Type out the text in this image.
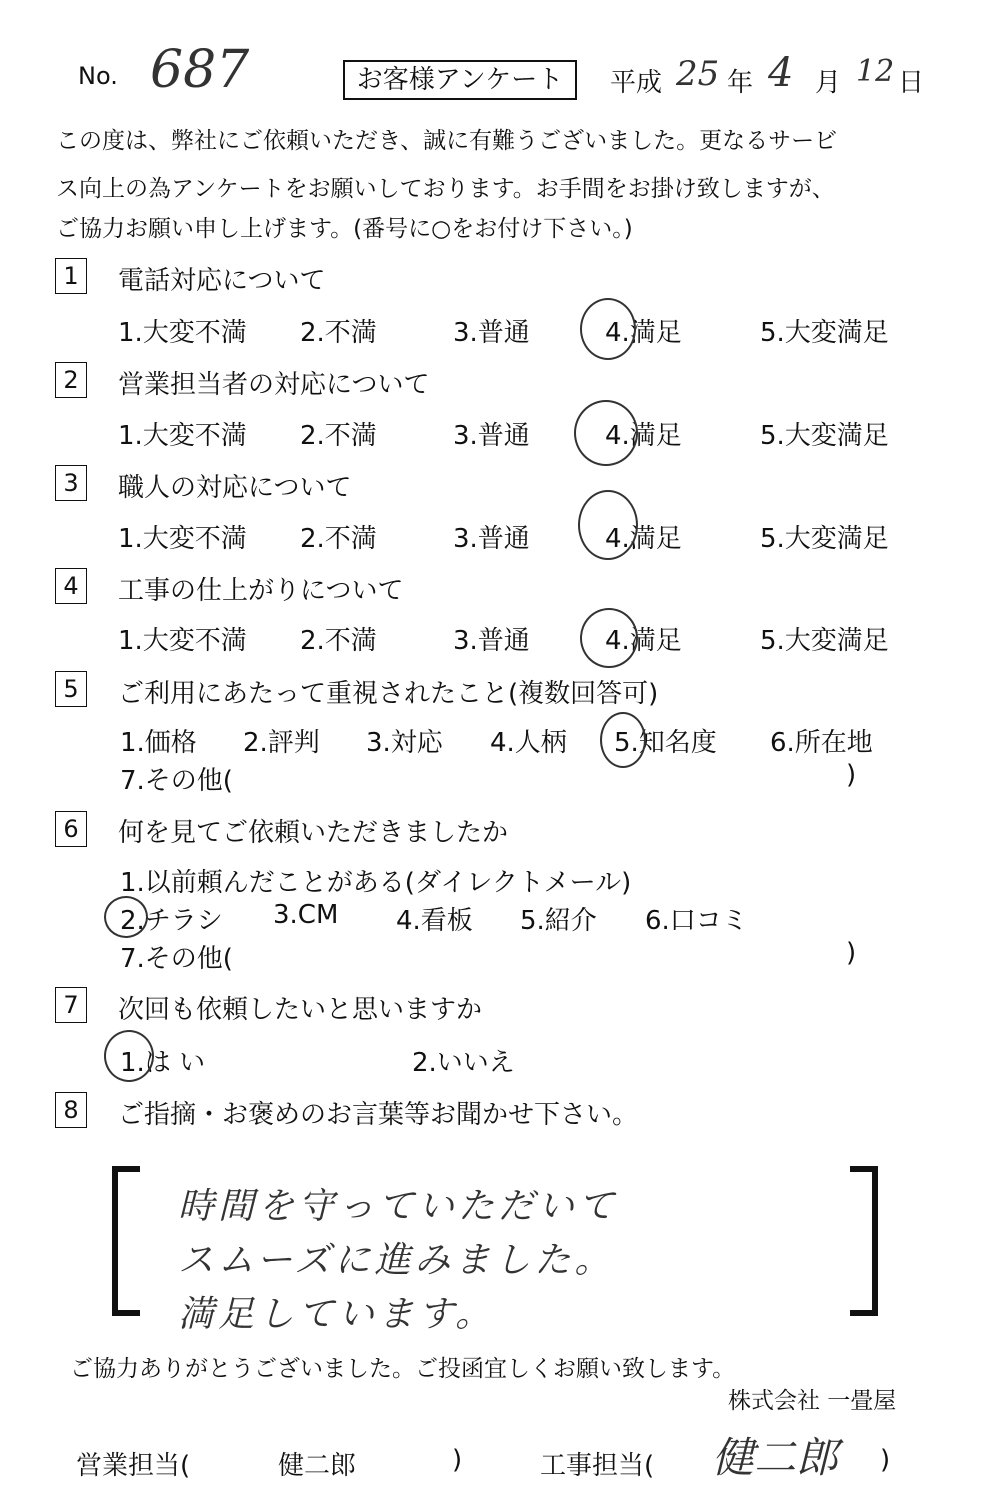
No. 687	お客様アンケート	平成 25 年 4 月 12 日
この度は、弊社にご依頼いただき、誠に有難うございました。更なるサービ
ス向上の為アンケートをお願いしております。お手間をお掛け致しますが、
ご協力お願い申し上げます。(番号に○をお付け下さい。)
1	電話対応について
1.大変不満 2.不満	3.普通	4.満足	5.大変満足
2	営業担当者の対応について
1.大変不満 2.不満	3.普通	4.満足	5.大変満足
3	職人の対応について
1.大変不満 2.不満	3.普通	4.満足	5.大変満足
4	工事の仕上がりについて
1.大変不満 2.不満	3.普通	4.満足	5.大変満足
5	ご利用にあたって重視されたこと(複数回答可)
1.価格 2.評判 3.対応 4.人柄 5.知名度 6.所在地
7.その他(	)
6	何を見てご依頼いただきましたか
1.以前頼んだことがある(ダイレクトメール)
2.チラシ 3.CM 4.看板 5.紹介 6.口コミ
7.その他(	)
7	次回も依頼したいと思いますか
1.は い	2.いいえ
8	ご指摘・お褒めのお言葉等お聞かせ下さい。
時間を守っていただいて
スムーズに進みました。
満足しています。
ご協力ありがとうございました。ご投函宜しくお願い致します。
株式会社 一畳屋
営業担当(	健二郎	)	工事担当( 健二郎 )
